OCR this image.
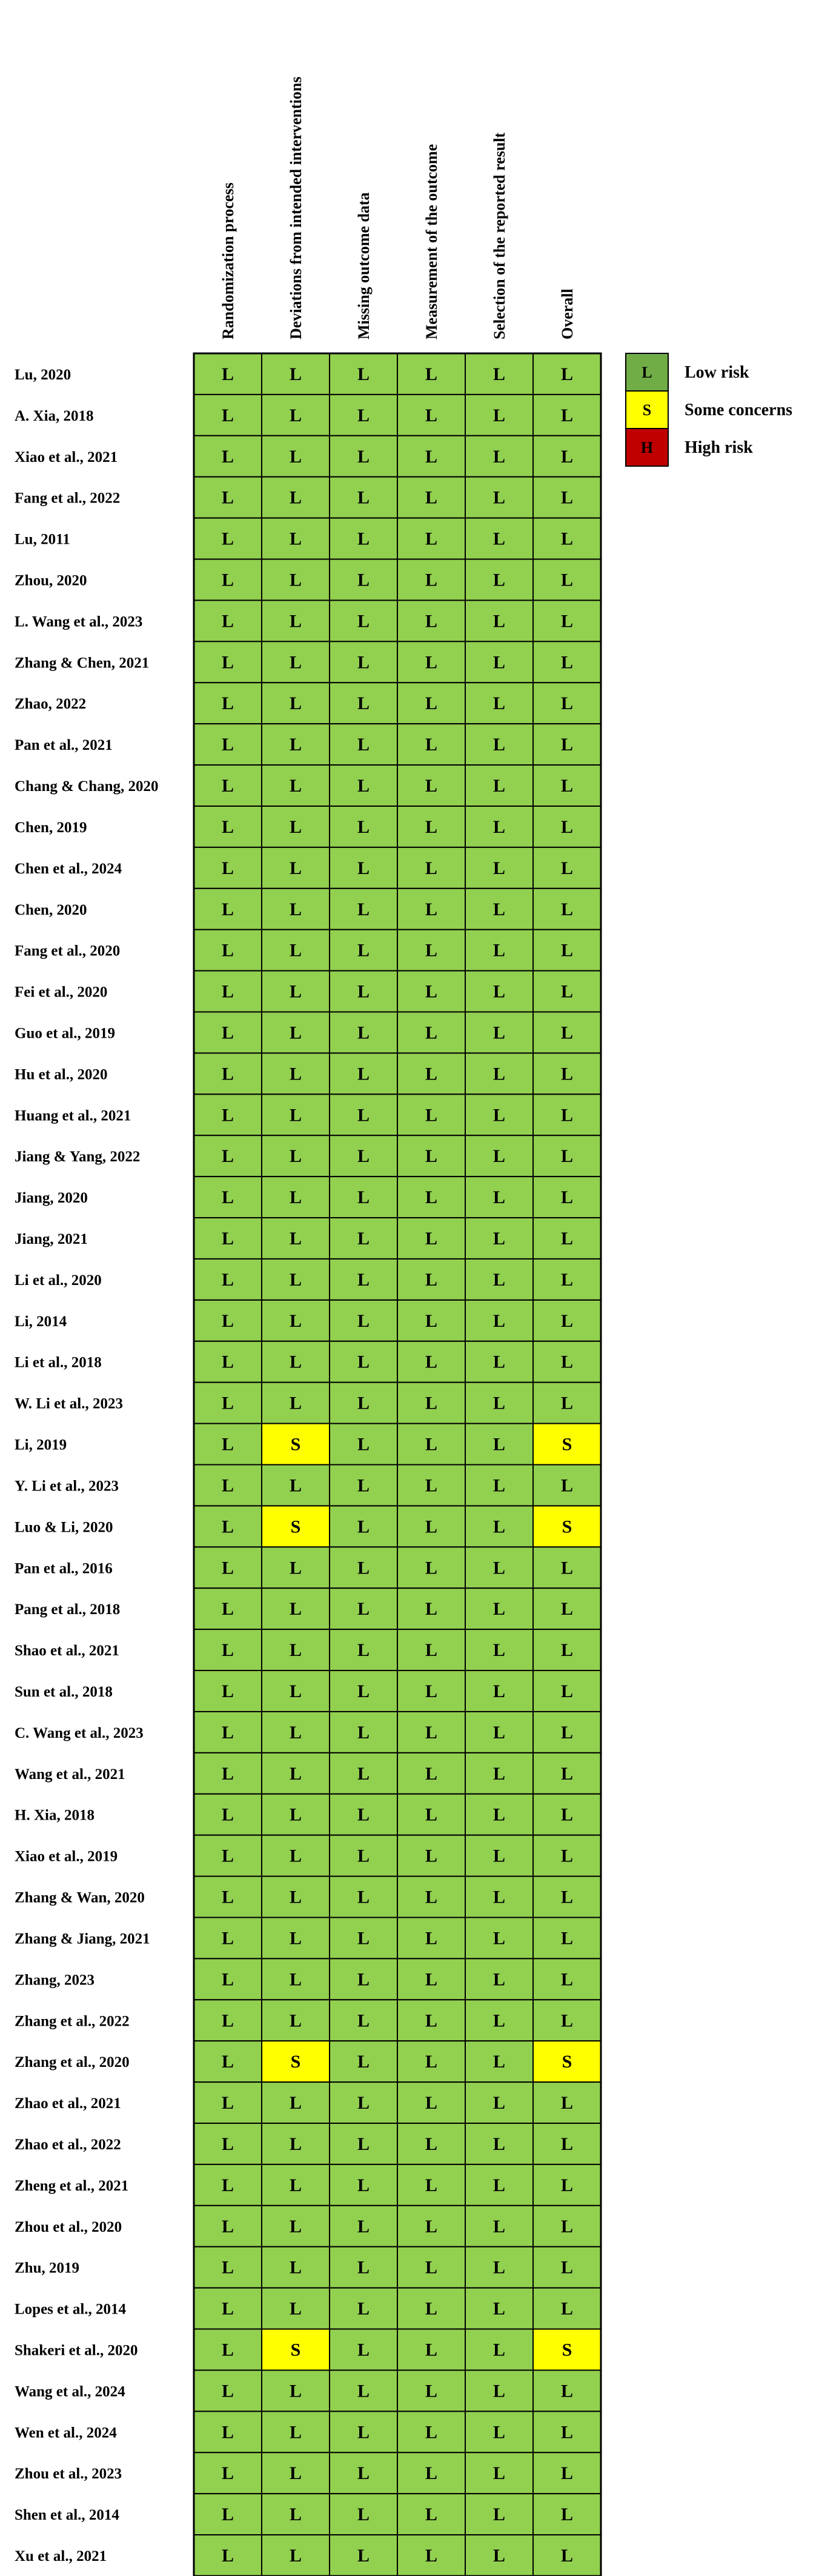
Randomization process	Deviations from intended interventions	Missing outcome data	Measurement of the outcome	Selection of the reported result	Overall
Lu, 2020	L	L	L	L	L	L
A. Xia, 2018	L	L	L	L	L	L
Xiao et al., 2021	L	L	L	L	L	L
Fang et al., 2022	L	L	L	L	L	L
Lu, 2011	L	L	L	L	L	L
Zhou, 2020	L	L	L	L	L	L
L. Wang et al., 2023	L	L	L	L	L	L
Zhang & Chen, 2021	L	L	L	L	L	L
Zhao, 2022	L	L	L	L	L	L
Pan et al., 2021	L	L	L	L	L	L
Chang & Chang, 2020	L	L	L	L	L	L
Chen, 2019	L	L	L	L	L	L
Chen et al., 2024	L	L	L	L	L	L
Chen, 2020	L	L	L	L	L	L
Fang et al., 2020	L	L	L	L	L	L
Fei et al., 2020	L	L	L	L	L	L
Guo et al., 2019	L	L	L	L	L	L
Hu et al., 2020	L	L	L	L	L	L
Huang et al., 2021	L	L	L	L	L	L
Jiang & Yang, 2022	L	L	L	L	L	L
Jiang, 2020	L	L	L	L	L	L
Jiang, 2021	L	L	L	L	L	L
Li et al., 2020	L	L	L	L	L	L
Li, 2014	L	L	L	L	L	L
Li et al., 2018	L	L	L	L	L	L
W. Li et al., 2023	L	L	L	L	L	L
Li, 2019	L	S	L	L	L	S
Y. Li et al., 2023	L	L	L	L	L	L
Luo & Li, 2020	L	S	L	L	L	S
Pan et al., 2016	L	L	L	L	L	L
Pang et al., 2018	L	L	L	L	L	L
Shao et al., 2021	L	L	L	L	L	L
Sun et al., 2018	L	L	L	L	L	L
C. Wang et al., 2023	L	L	L	L	L	L
Wang et al., 2021	L	L	L	L	L	L
H. Xia, 2018	L	L	L	L	L	L
Xiao et al., 2019	L	L	L	L	L	L
Zhang & Wan, 2020	L	L	L	L	L	L
Zhang & Jiang, 2021	L	L	L	L	L	L
Zhang, 2023	L	L	L	L	L	L
Zhang et al., 2022	L	L	L	L	L	L
Zhang et al., 2020	L	S	L	L	L	S
Zhao et al., 2021	L	L	L	L	L	L
Zhao et al., 2022	L	L	L	L	L	L
Zheng et al., 2021	L	L	L	L	L	L
Zhou et al., 2020	L	L	L	L	L	L
Zhu, 2019	L	L	L	L	L	L
Lopes et al., 2014	L	L	L	L	L	L
Shakeri et al., 2020	L	S	L	L	L	S
Wang et al., 2024	L	L	L	L	L	L
Wen et al., 2024	L	L	L	L	L	L
Zhou et al., 2023	L	L	L	L	L	L
Shen et al., 2014	L	L	L	L	L	L
Xu et al., 2021	L	L	L	L	L	L
L Low risk
S Some concerns
H High risk
